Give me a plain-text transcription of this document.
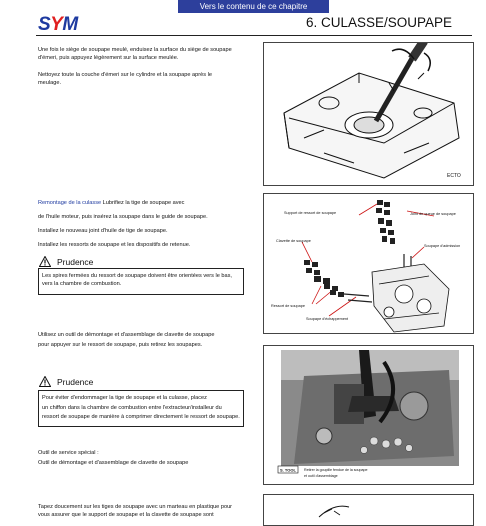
Vers le contenu de ce chapitre
SYM	6. CULASSE/SOUPAPE
Une fois le siège de soupape meulé, enduisez la surface du siège de soupape
d'émeri, puis appuyez légèrement sur la surface meulée.
Nettoyez toute la couche d'émeri sur le cylindre et la soupape après le
meulage.
ECTO
Remontage de la culasse Lubrifiez la tige de soupape avec
de l'huile moteur, puis insérez la soupape dans le guide de soupape.
Installez le nouveau joint d'huile de tige de soupape.
Installez les ressorts de soupape et les dispositifs de retenue.
Prudence
Les spires fermées du ressort de soupape doivent être orientées vers le bas,
vers la chambre de combustion.
Support de ressort de soupape	Joint de queue de soupape
Clavette de soupape
Soupape d'admission
Ressort de soupape
Soupape d'échappement
Utilisez un outil de démontage et d'assemblage de clavette de soupape
pour appuyer sur le ressort de soupape, puis retirez les soupapes.
Prudence
Pour éviter d'endommager la tige de soupape et la culasse, placez
un chiffon dans la chambre de combustion entre l'extracteur/installeur du
ressort de soupape de manière à comprimer directement le ressort de soupape.
Outil de service spécial :
Outil de démontage et d'assemblage de clavette de soupape
S. TOOL Retirer la goupille fendue de la soupape
et outil d'assemblage
Tapez doucement sur les tiges de soupape avec un marteau en plastique pour
vous assurer que le support de soupape et la clavette de soupape sont
